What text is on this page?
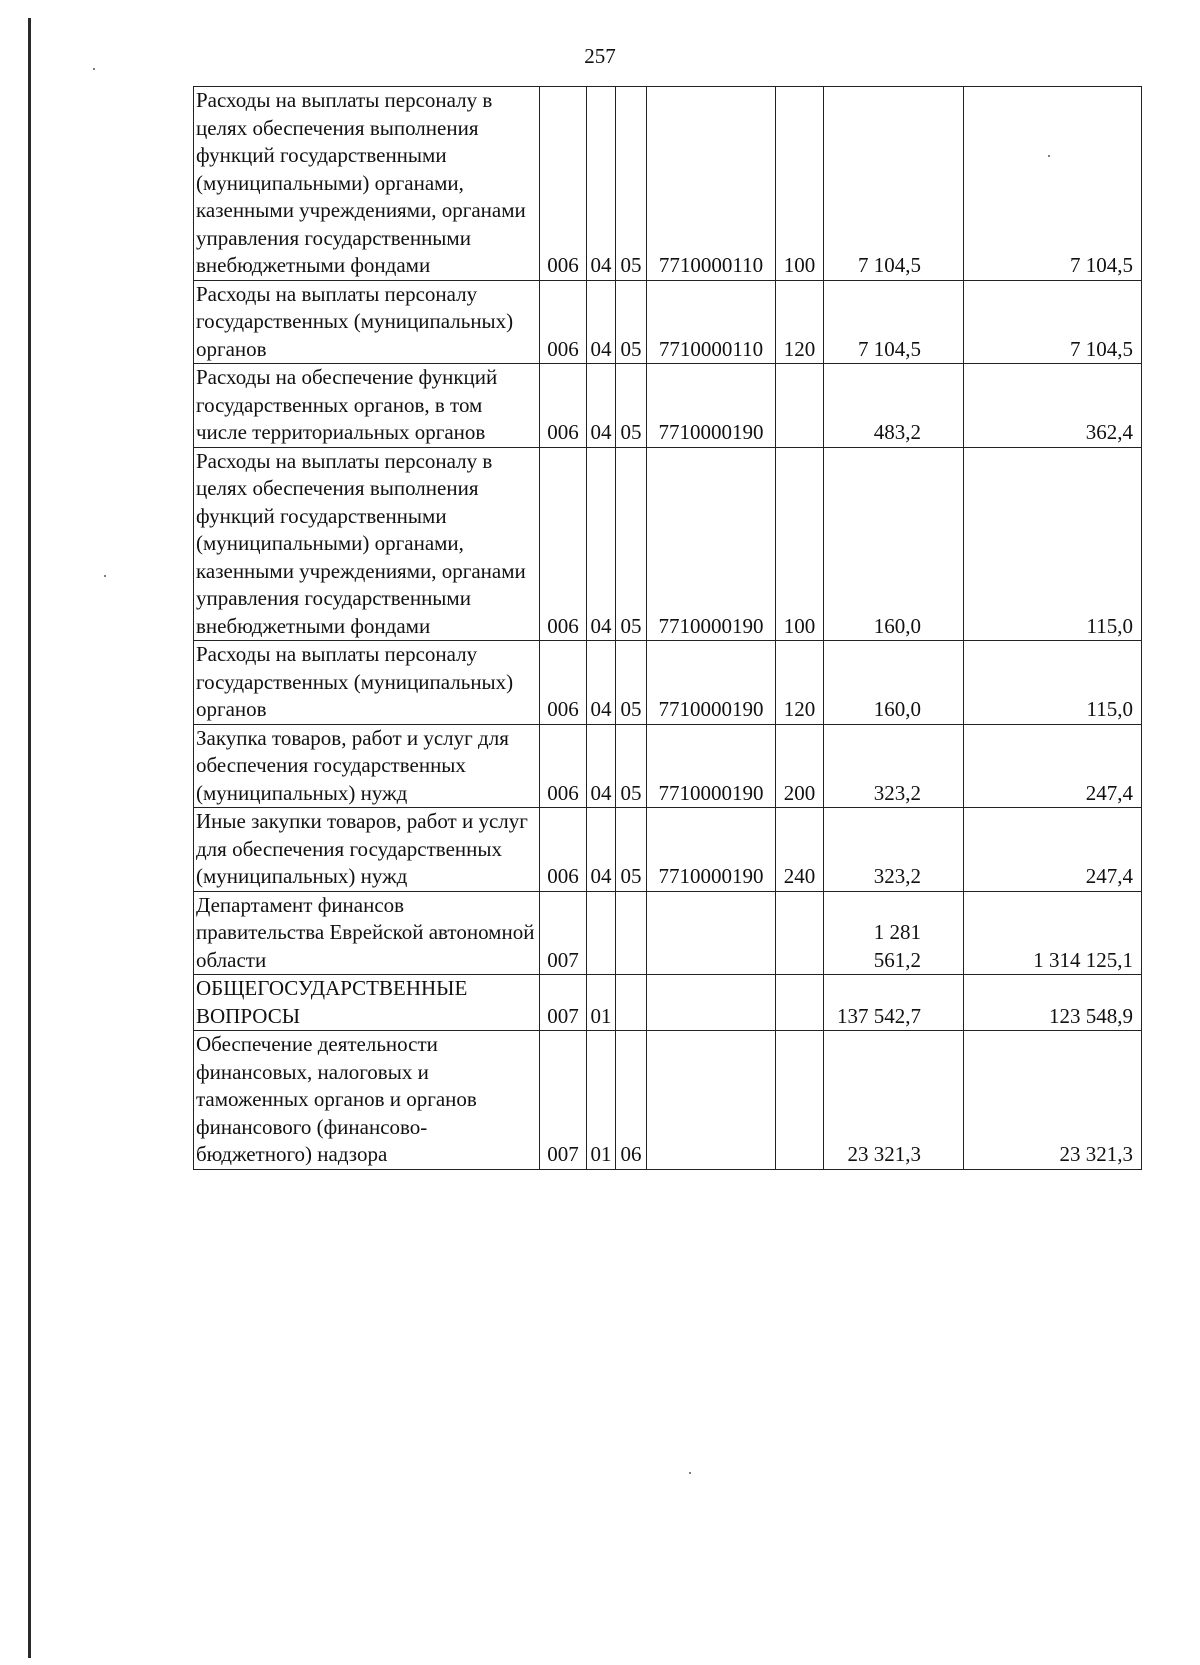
257
Расходы на выплаты персоналу в целях обеспечения выполнения функций государственными (муниципальными) органами, казенными учреждениями, органами управления государственными внебюджетными фондами	006	04	05	7710000110	100	7 104,5	7 104,5
Расходы на выплаты персоналу государственных (муниципальных) органов	006	04	05	7710000110	120	7 104,5	7 104,5
Расходы на обеспечение функций государственных органов, в том числе территориальных органов	006	04	05	7710000190		483,2	362,4
Расходы на выплаты персоналу в целях обеспечения выполнения функций государственными (муниципальными) органами, казенными учреждениями, органами управления государственными внебюджетными фондами	006	04	05	7710000190	100	160,0	115,0
Расходы на выплаты персоналу государственных (муниципальных) органов	006	04	05	7710000190	120	160,0	115,0
Закупка товаров, работ и услуг для обеспечения государственных (муниципальных) нужд	006	04	05	7710000190	200	323,2	247,4
Иные закупки товаров, работ и услуг для обеспечения государственных (муниципальных) нужд	006	04	05	7710000190	240	323,2	247,4
Департамент финансов правительства Еврейской автономной области	007					1 281 561,2	1 314 125,1
ОБЩЕГОСУДАРСТВЕННЫЕ ВОПРОСЫ	007	01				137 542,7	123 548,9
Обеспечение деятельности финансовых, налоговых и таможенных органов и органов финансового (финансово-бюджетного) надзора	007	01	06			23 321,3	23 321,3
